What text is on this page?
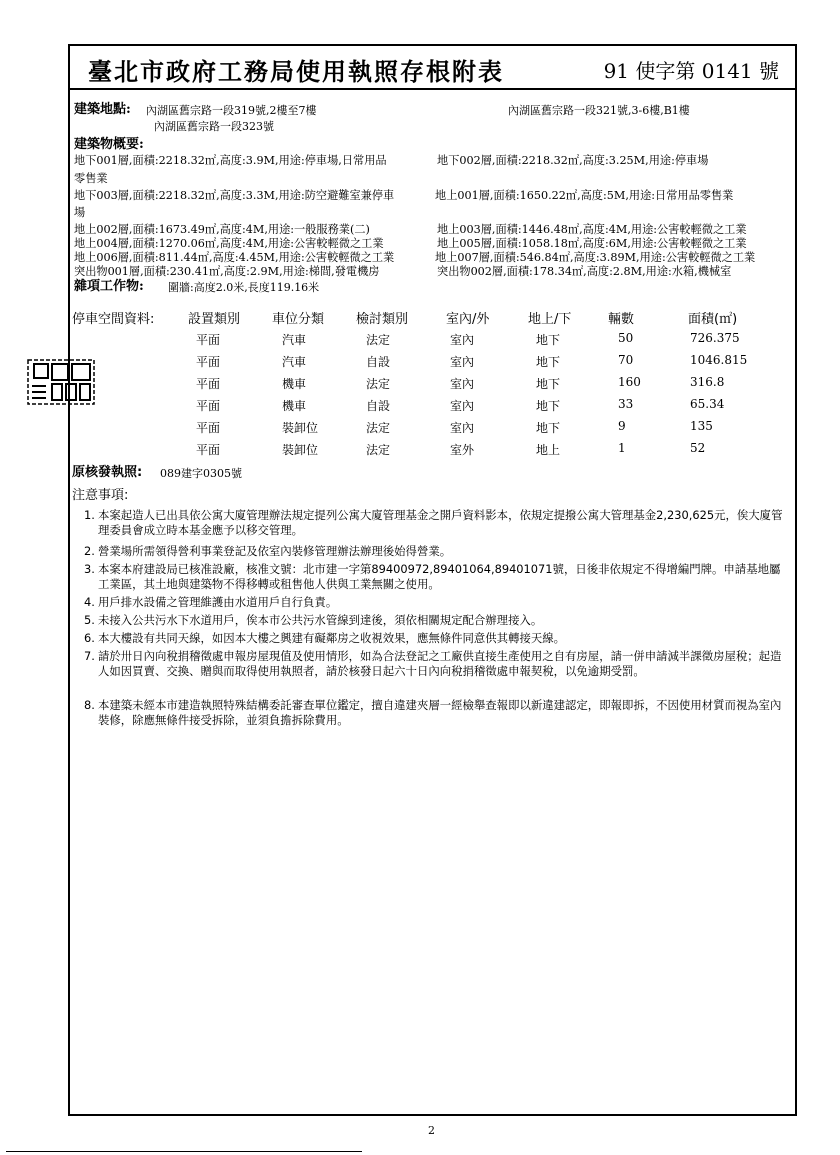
臺北市政府工務局使用執照存根附表	91 使字第 0141 號
建築地點: 內湖區舊宗路一段319號,2樓至7樓	內湖區舊宗路一段321號,3-6樓,B1樓
內湖區舊宗路一段323號
建築物概要:
地下001層,面積:2218.32㎡,高度:3.9M,用途:停車場,日常用品	地下002層,面積:2218.32㎡,高度:3.25M,用途:停車場
零售業
地下003層,面積:2218.32㎡,高度:3.3M,用途:防空避難室兼停車	地上001層,面積:1650.22㎡,高度:5M,用途:日常用品零售業
場
地上002層,面積:1673.49㎡,高度:4M,用途:一般服務業(二)	地上003層,面積:1446.48㎡,高度:4M,用途:公害較輕微之工業
地上004層,面積:1270.06㎡,高度:4M,用途:公害較輕微之工業	地上005層,面積:1058.18㎡,高度:6M,用途:公害較輕微之工業
地上006層,面積:811.44㎡,高度:4.45M,用途:公害較輕微之工業	地上007層,面積:546.84㎡,高度:3.89M,用途:公害較輕微之工業
突出物001層,面積:230.41㎡,高度:2.9M,用途:梯間,發電機房	突出物002層,面積:178.34㎡,高度:2.8M,用途:水箱,機械室
雜項工作物: 圍牆:高度2.0米,長度119.16米
停車空間資料:	設置類別 車位分類 檢討類別	室內/外	地上/下	輛數	面積(㎡)
平面	汽車	法定	室內	地下	50	726.375
平面	汽車	自設	室內	地下	70	1046.815
平面	機車	法定	室內	地下	160	316.8
平面	機車	自設	室內	地下	33	65.34
平面	裝卸位	法定	室內	地下	9	135
平面	裝卸位	法定	室外	地上	1	52
原核發執照: 089建字0305號
注意事項:
1. 本案起造人已出具依公寓大廈管理辦法規定提列公寓大廈管理基金之開戶資料影本，依規定提撥公寓大管理基金2,230,625元，俟大廈管理委員會成立時本基金應予以移交管理。
2. 營業場所需領得營利事業登記及依室內裝修管理辦法辦理後始得營業。
3. 本案本府建設局已核准設廠，核准文號：北市建一字第89400972,89401064,89401071號，日後非依規定不得增編門牌。申請基地屬工業區，其土地與建築物不得移轉或租售他人供與工業無關之使用。
4. 用戶排水設備之管理維護由水道用戶自行負責。
5. 未接入公共污水下水道用戶，俟本市公共污水管線到達後，須依相關規定配合辦理接入。
6. 本大樓設有共同天線，如因本大樓之興建有礙鄰房之收視效果，應無條件同意供其轉接天線。
7. 請於卅日內向稅捐稽徵處申報房屋現值及使用情形，如為合法登記之工廠供直接生產使用之自有房屋，請一併申請減半課徵房屋稅；起造人如因買賣、交換、贈與而取得使用執照者，請於核發日起六十日內向稅捐稽徵處申報契稅，以免逾期受罰。
8. 本建築未經本市建造執照特殊結構委託審查單位鑑定，擅自違建夾層一經檢舉查報即以新違建認定，即報即拆，不因使用材質而視為室內裝修，除應無條件接受拆除，並須負擔拆除費用。
2
